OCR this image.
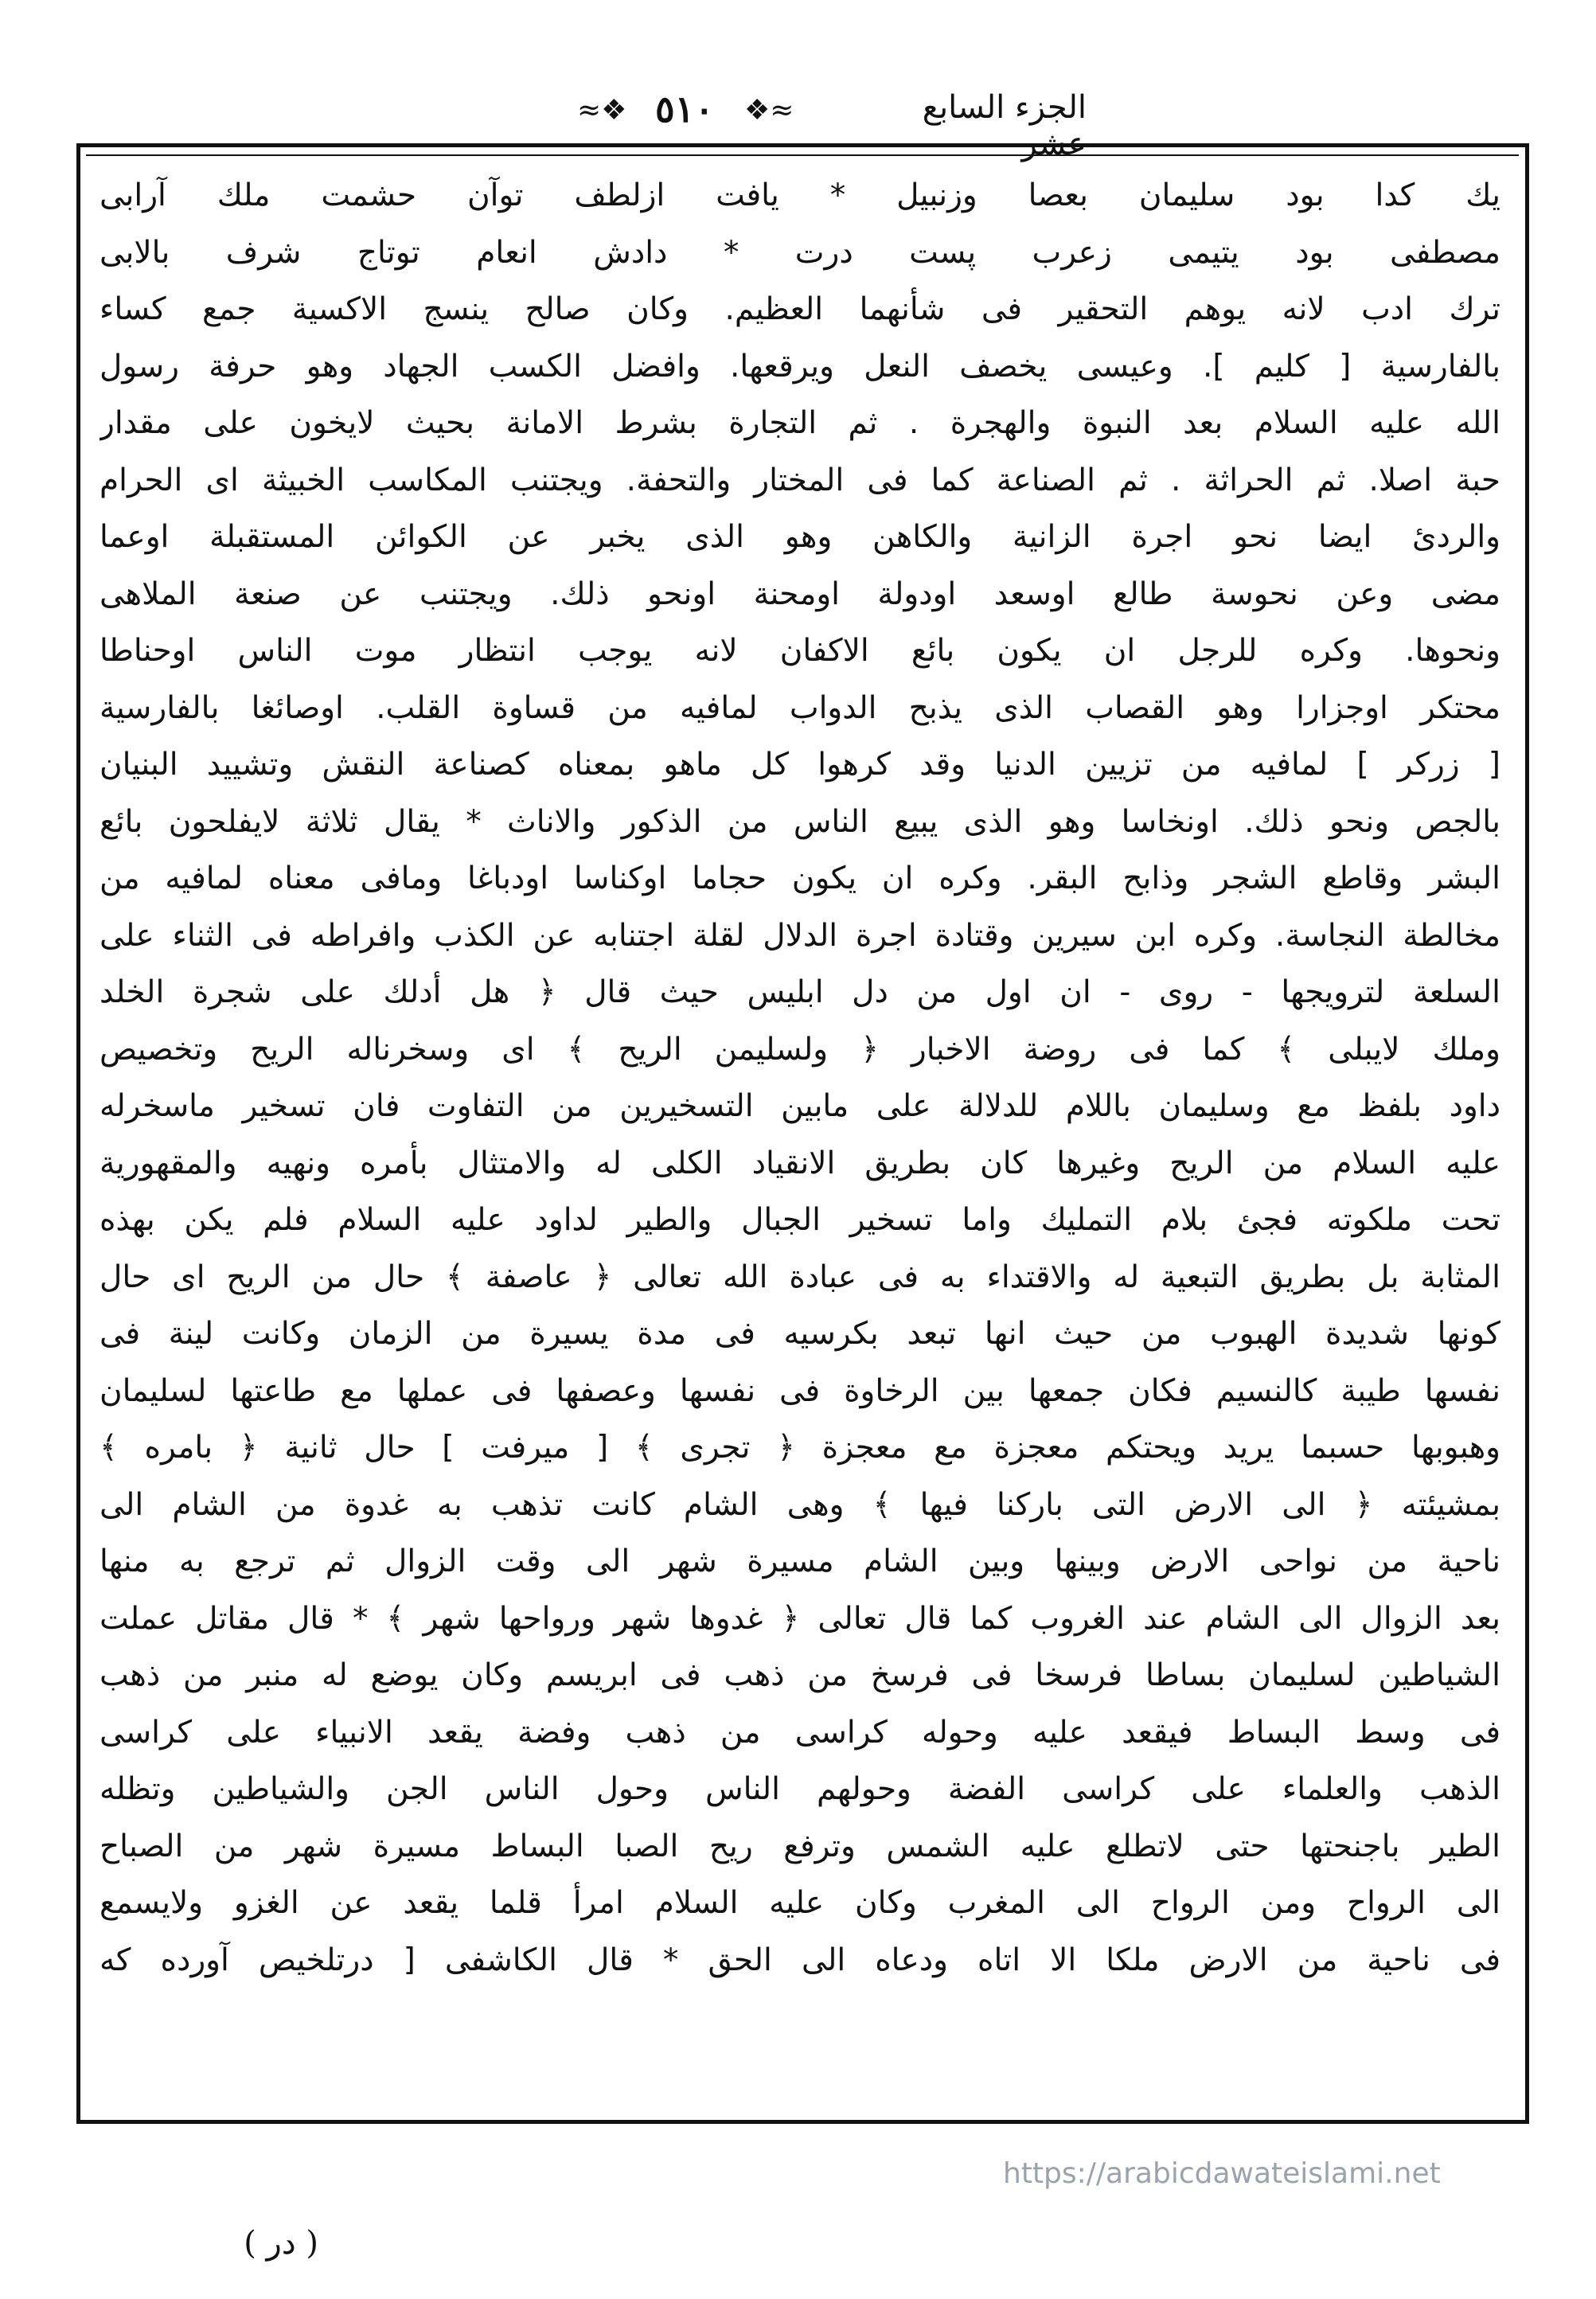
≈❖ ٥١٠	❖≈	الجزء السابع عشر
يك كدا بود سليمان بعصا وزنبيل * يافت ازلطف توآن حشمت ملك آرابى
مصطفى بود يتيمى زعرب پست درت * دادش انعام توتاج شرف بالابى
ترك ادب لانه يوهم التحقير فى شأنهما العظيم. وكان صالح ينسج الاكسية جمع كساء
بالفارسية [ كليم ]. وعيسى يخصف النعل ويرقعها. وافضل الكسب الجهاد وهو حرفة رسول
الله عليه السلام بعد النبوة والهجرة . ثم التجارة بشرط الامانة بحيث لايخون على مقدار
حبة اصلا. ثم الحراثة . ثم الصناعة كما فى المختار والتحفة. ويجتنب المكاسب الخبيثة اى الحرام
والردئ ايضا نحو اجرة الزانية والكاهن وهو الذى يخبر عن الكوائن المستقبلة اوعما
مضى وعن نحوسة طالع اوسعد اودولة اومحنة اونحو ذلك. ويجتنب عن صنعة الملاهى
ونحوها. وكره للرجل ان يكون بائع الاكفان لانه يوجب انتظار موت الناس اوحناطا
محتكر اوجزارا وهو القصاب الذى يذبح الدواب لمافيه من قساوة القلب. اوصائغا بالفارسية
[ زركر ] لمافيه من تزيين الدنيا وقد كرهوا كل ماهو بمعناه كصناعة النقش وتشييد البنيان
بالجص ونحو ذلك. اونخاسا وهو الذى يبيع الناس من الذكور والاناث * يقال ثلاثة لايفلحون بائع
البشر وقاطع الشجر وذابح البقر. وكره ان يكون حجاما اوكناسا اودباغا ومافى معناه لمافيه من
مخالطة النجاسة. وكره ابن سيرين وقتادة اجرة الدلال لقلة اجتنابه عن الكذب وافراطه فى الثناء على
السلعة لترويجها - روى - ان اول من دل ابليس حيث قال ﴿ هل أدلك على شجرة الخلد
وملك لايبلى ﴾ كما فى روضة الاخبار ﴿ ولسليمن الريح ﴾ اى وسخرناله الريح وتخصيص
داود بلفظ مع وسليمان باللام للدلالة على مابين التسخيرين من التفاوت فان تسخير ماسخرله
عليه السلام من الريح وغيرها كان بطريق الانقياد الكلى له والامتثال بأمره ونهيه والمقهورية
تحت ملكوته فجئ بلام التمليك واما تسخير الجبال والطير لداود عليه السلام فلم يكن بهذه
المثابة بل بطريق التبعية له والاقتداء به فى عبادة الله تعالى ﴿ عاصفة ﴾ حال من الريح اى حال
كونها شديدة الهبوب من حيث انها تبعد بكرسيه فى مدة يسيرة من الزمان وكانت لينة فى
نفسها طيبة كالنسيم فكان جمعها بين الرخاوة فى نفسها وعصفها فى عملها مع طاعتها لسليمان
وهبوبها حسبما يريد ويحتكم معجزة مع معجزة ﴿ تجرى ﴾ [ ميرفت ] حال ثانية ﴿ بامره ﴾
بمشيئته ﴿ الى الارض التى باركنا فيها ﴾ وهى الشام كانت تذهب به غدوة من الشام الى
ناحية من نواحى الارض وبينها وبين الشام مسيرة شهر الى وقت الزوال ثم ترجع به منها
بعد الزوال الى الشام عند الغروب كما قال تعالى ﴿ غدوها شهر ورواحها شهر ﴾ * قال مقاتل عملت
الشياطين لسليمان بساطا فرسخا فى فرسخ من ذهب فى ابريسم وكان يوضع له منبر من ذهب
فى وسط البساط فيقعد عليه وحوله كراسى من ذهب وفضة يقعد الانبياء على كراسى
الذهب والعلماء على كراسى الفضة وحولهم الناس وحول الناس الجن والشياطين وتظله
الطير باجنحتها حتى لاتطلع عليه الشمس وترفع ريح الصبا البساط مسيرة شهر من الصباح
الى الرواح ومن الرواح الى المغرب وكان عليه السلام امرأ قلما يقعد عن الغزو ولايسمع
فى ناحية من الارض ملكا الا اتاه ودعاه الى الحق * قال الكاشفى [ درتلخيص آورده كه
( در )
https://arabicdawateislami.net
